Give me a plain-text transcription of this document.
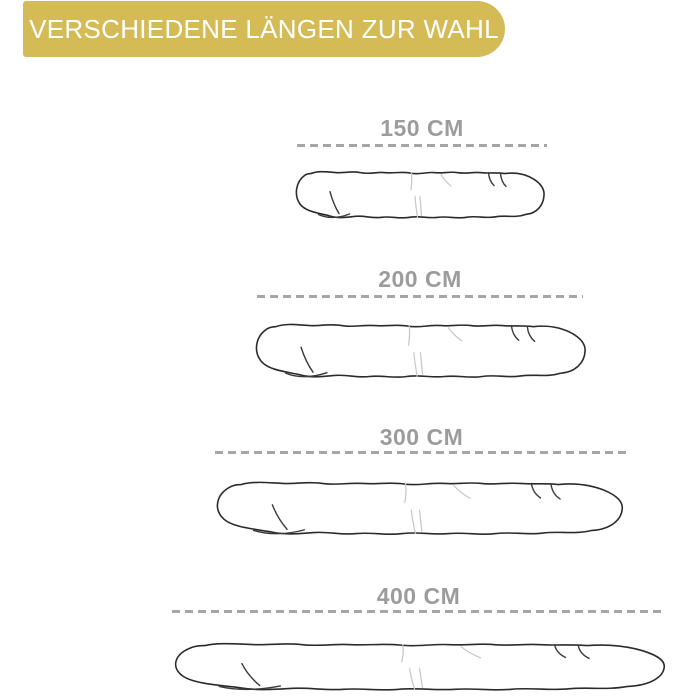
VERSCHIEDENE LÄNGEN ZUR WAHL
150 CM
200 CM
300 CM
400 CM
